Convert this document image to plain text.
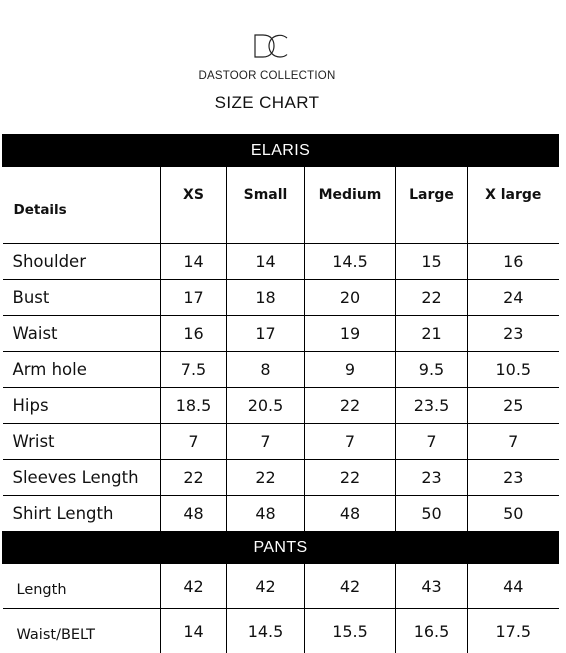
DASTOOR COLLECTION
SIZE CHART
ELARIS					
Details	XS	Small	Medium	Large	X large
Shoulder	14	14	14.5	15	16
Bust	17	18	20	22	24
Waist	16	17	19	21	23
Arm hole	7.5	8	9	9.5	10.5
Hips	18.5	20.5	22	23.5	25
Wrist	7	7	7	7	7
Sleeves Length	22	22	22	23	23
Shirt Length	48	48	48	50	50
PANTS					
Length	42	42	42	43	44
Waist/BELT	14	14.5	15.5	16.5	17.5
